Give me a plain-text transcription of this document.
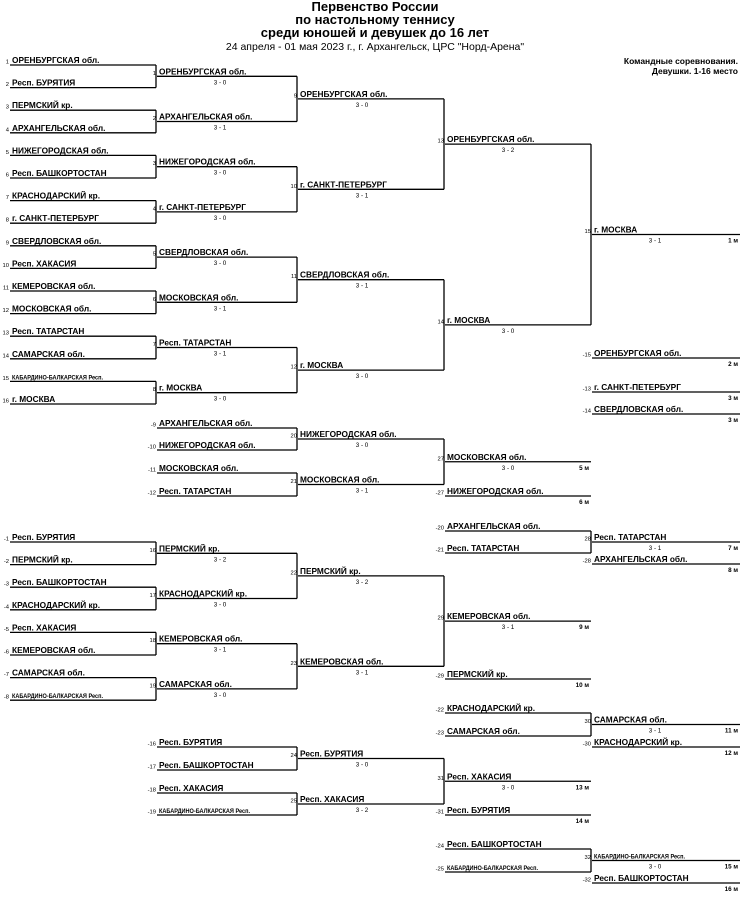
Первенство России
по настольному теннису
среди юношей и девушек до 16 лет
24 апреля - 01 мая 2023 г., г. Архангельск, ЦРС "Норд-Арена"
Командные соревнования.
Девушки. 1-16 место
1 ОРЕНБУРГСКАЯ обл.
2 Респ. БУРЯТИЯ
3 ПЕРМСКИЙ кр.
4 АРХАНГЕЛЬСКАЯ обл.
5 НИЖЕГОРОДСКАЯ обл.
6 Респ. БАШКОРТОСТАН
7 КРАСНОДАРСКИЙ кр.
8 г. САНКТ-ПЕТЕРБУРГ
9 СВЕРДЛОВСКАЯ обл.
10 Респ. ХАКАСИЯ
11 КЕМЕРОВСКАЯ обл.
12 МОСКОВСКАЯ обл.
13 Респ. ТАТАРСТАН
14 САМАРСКАЯ обл.
15 КАБАРДИНО-БАЛКАРСКАЯ Респ.
16 г. МОСКВА
1 ОРЕНБУРГСКАЯ обл.
3 - 0
2 АРХАНГЕЛЬСКАЯ обл.
3 - 1
3 НИЖЕГОРОДСКАЯ обл.
3 - 0
4 г. САНКТ-ПЕТЕРБУРГ
3 - 0
5 СВЕРДЛОВСКАЯ обл.
3 - 0
6 МОСКОВСКАЯ обл.
3 - 1
7 Респ. ТАТАРСТАН
3 - 1
8 г. МОСКВА
3 - 0
9 ОРЕНБУРГСКАЯ обл.
3 - 0
10 г. САНКТ-ПЕТЕРБУРГ
3 - 1
11 СВЕРДЛОВСКАЯ обл.
3 - 1
12 г. МОСКВА
3 - 0
13 ОРЕНБУРГСКАЯ обл.
3 - 2
14 г. МОСКВА
3 - 0
15 г. МОСКВА
3 - 1	1 м
-15 ОРЕНБУРГСКАЯ обл.
2 м
-13 г. САНКТ-ПЕТЕРБУРГ
3 м
-14 СВЕРДЛОВСКАЯ обл.
3 м
-9 АРХАНГЕЛЬСКАЯ обл.
-10 НИЖЕГОРОДСКАЯ обл.
-11 МОСКОВСКАЯ обл.
-12 Респ. ТАТАРСТАН
20 НИЖЕГОРОДСКАЯ обл.
3 - 0
21 МОСКОВСКАЯ обл.
3 - 1
27 МОСКОВСКАЯ обл.
3 - 0	5 м
-27 НИЖЕГОРОДСКАЯ обл.
6 м
-20 АРХАНГЕЛЬСКАЯ обл.
-21 Респ. ТАТАРСТАН
28 Респ. ТАТАРСТАН
3 - 1	7 м
-28 АРХАНГЕЛЬСКАЯ обл.
8 м
-1 Респ. БУРЯТИЯ
-2 ПЕРМСКИЙ кр.
-3 Респ. БАШКОРТОСТАН
-4 КРАСНОДАРСКИЙ кр.
-5 Респ. ХАКАСИЯ
-6 КЕМЕРОВСКАЯ обл.
-7 САМАРСКАЯ обл.
-8 КАБАРДИНО-БАЛКАРСКАЯ Респ.
16 ПЕРМСКИЙ кр.
3 - 2
17 КРАСНОДАРСКИЙ кр.
3 - 0
18 КЕМЕРОВСКАЯ обл.
3 - 1
19 САМАРСКАЯ обл.
3 - 0
22 ПЕРМСКИЙ кр.
3 - 2
23 КЕМЕРОВСКАЯ обл.
3 - 1
29 КЕМЕРОВСКАЯ обл.
3 - 1	9 м
-29 ПЕРМСКИЙ кр.
10 м
-22 КРАСНОДАРСКИЙ кр.
-23 САМАРСКАЯ обл.
30 САМАРСКАЯ обл.
3 - 1	11 м
-30 КРАСНОДАРСКИЙ кр.
12 м
-16 Респ. БУРЯТИЯ
-17 Респ. БАШКОРТОСТАН
-18 Респ. ХАКАСИЯ
-19 КАБАРДИНО-БАЛКАРСКАЯ Респ.
24 Респ. БУРЯТИЯ
3 - 0
25 Респ. ХАКАСИЯ
3 - 2
31 Респ. ХАКАСИЯ
3 - 0	13 м
-31 Респ. БУРЯТИЯ
14 м
-24 Респ. БАШКОРТОСТАН
-25 КАБАРДИНО-БАЛКАРСКАЯ Респ.
32 КАБАРДИНО-БАЛКАРСКАЯ Респ.
3 - 0	15 м
-32 Респ. БАШКОРТОСТАН
16 м
